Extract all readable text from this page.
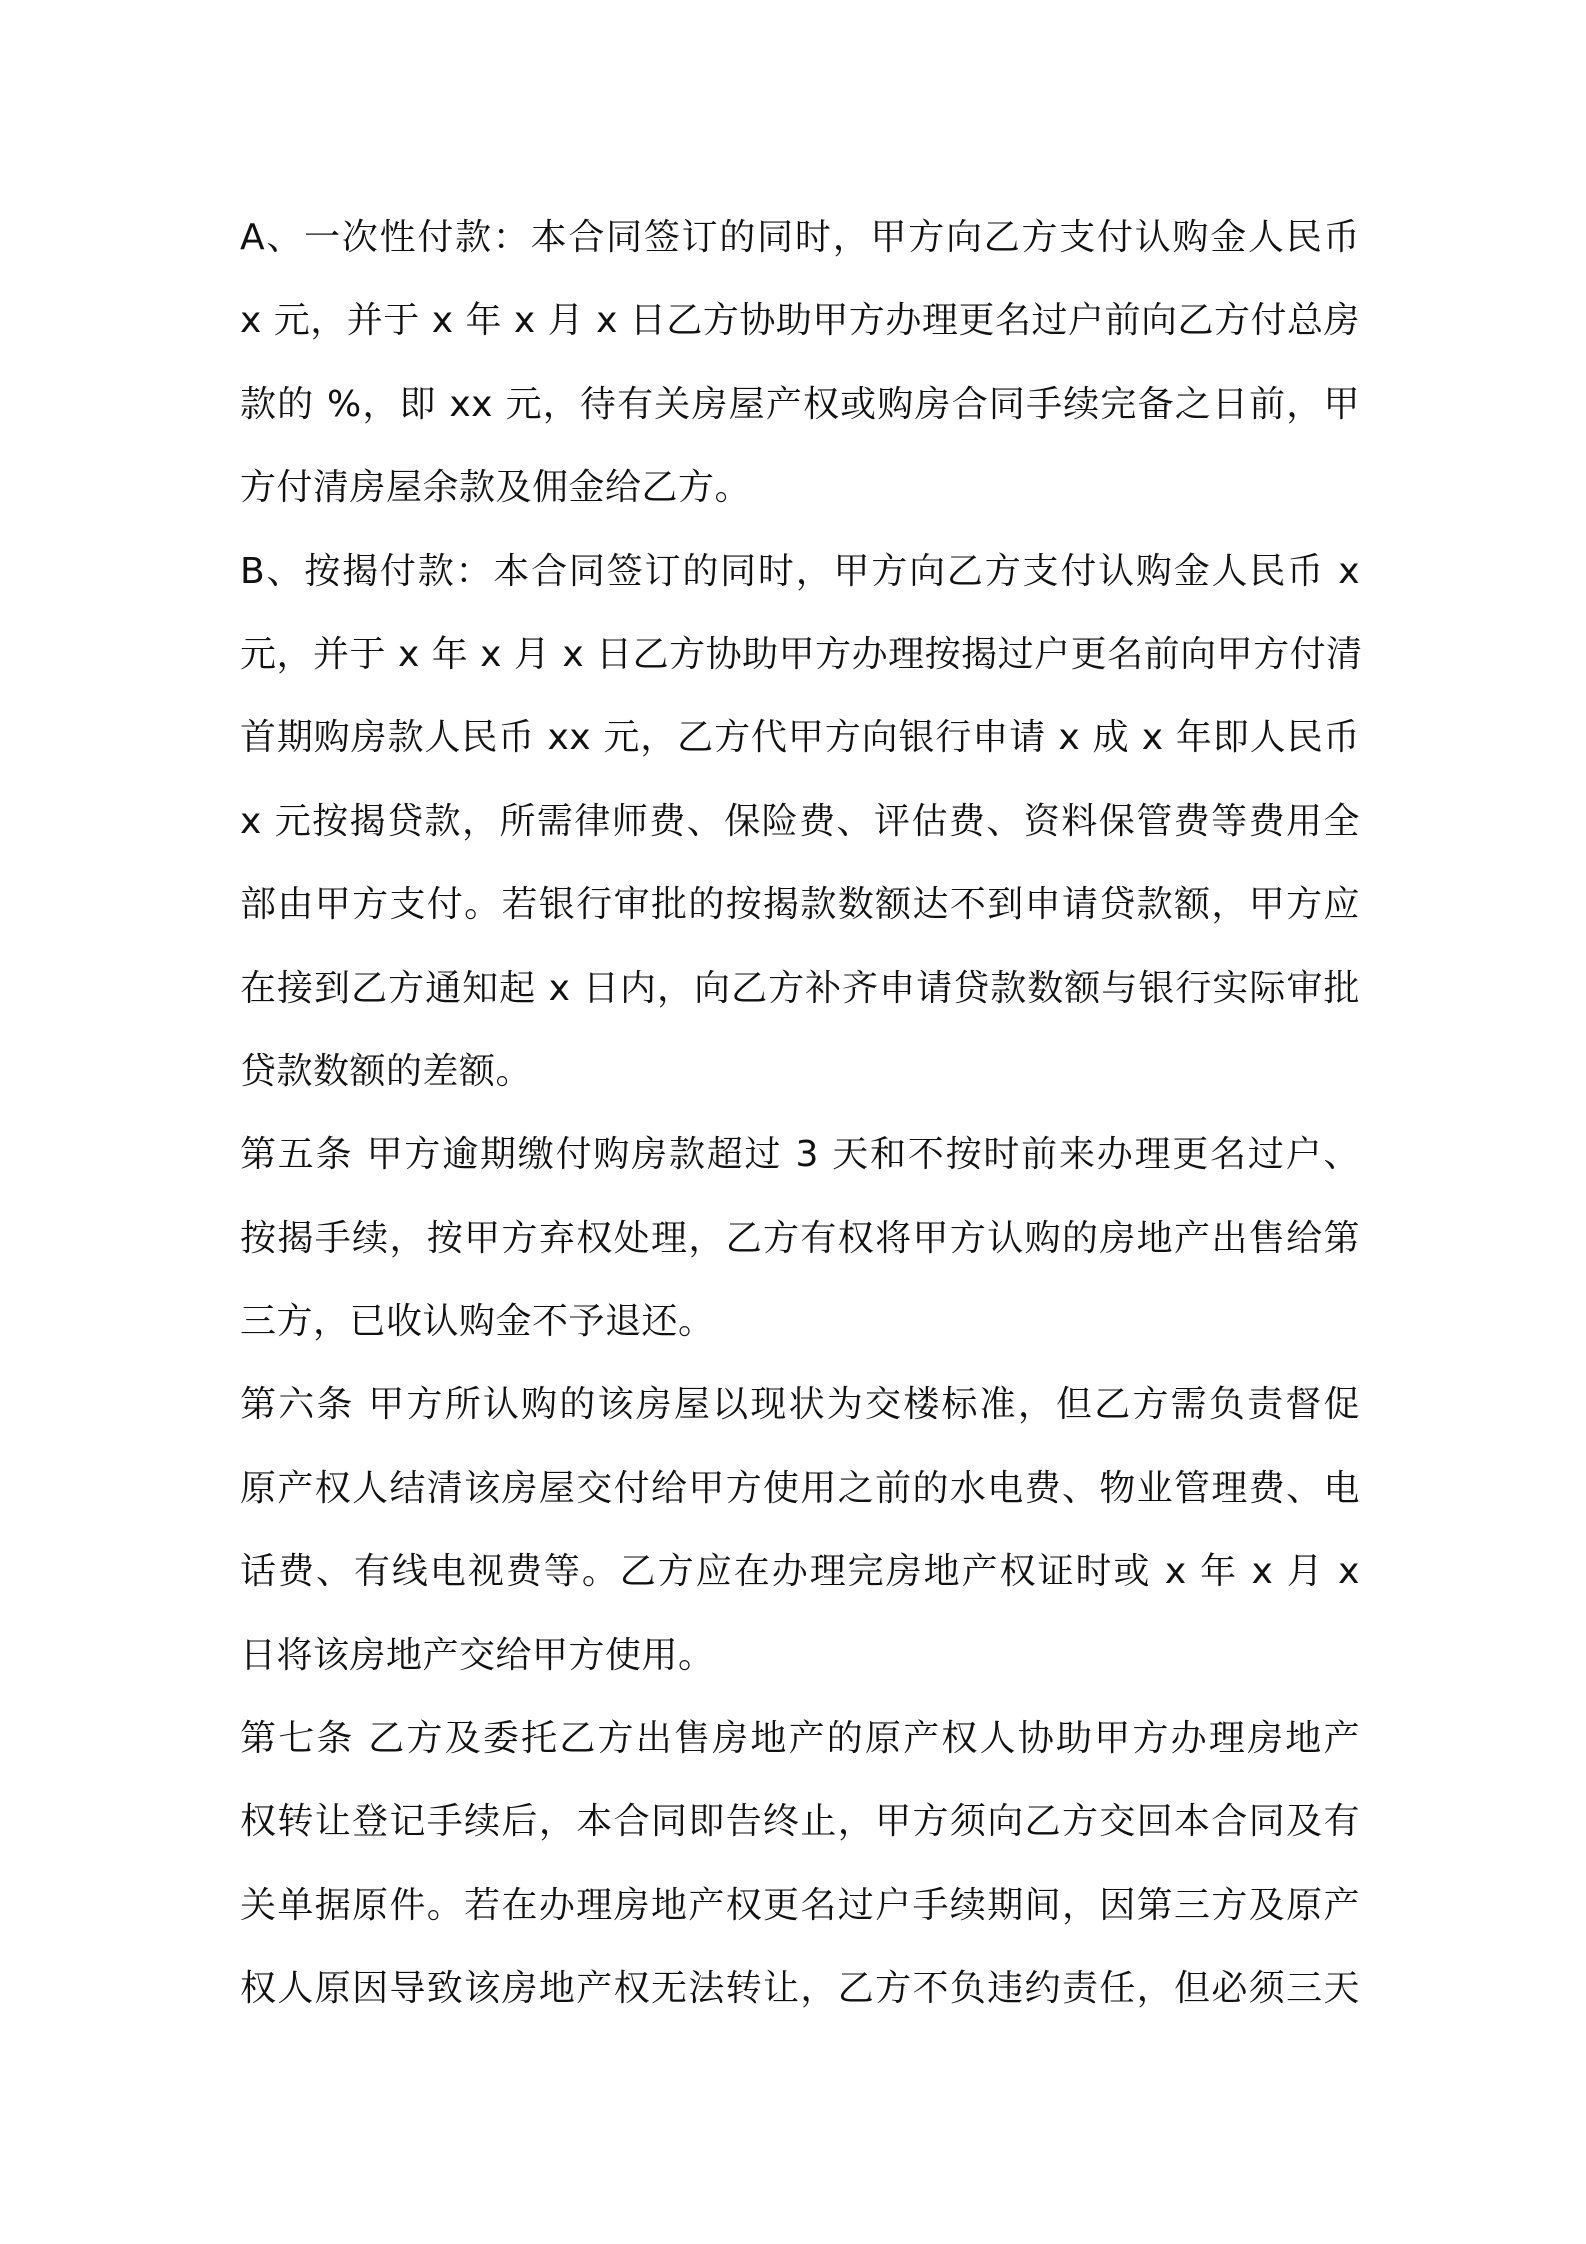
A、一次性付款：本合同签订的同时，甲方向乙方支付认购金人民币
x 元，并于 x 年 x 月 x 日乙方协助甲方办理更名过户前向乙方付总房
款的 %，即 xx 元，待有关房屋产权或购房合同手续完备之日前，甲
方付清房屋余款及佣金给乙方。
B、按揭付款：本合同签订的同时，甲方向乙方支付认购金人民币 x
元，并于 x 年 x 月 x 日乙方协助甲方办理按揭过户更名前向甲方付清
首期购房款人民币 xx 元，乙方代甲方向银行申请 x 成 x 年即人民币
x 元按揭贷款，所需律师费、保险费、评估费、资料保管费等费用全
部由甲方支付。若银行审批的按揭款数额达不到申请贷款额，甲方应
在接到乙方通知起 x 日内，向乙方补齐申请贷款数额与银行实际审批
贷款数额的差额。
第五条 甲方逾期缴付购房款超过 3 天和不按时前来办理更名过户、
按揭手续，按甲方弃权处理，乙方有权将甲方认购的房地产出售给第
三方，已收认购金不予退还。
第六条 甲方所认购的该房屋以现状为交楼标准，但乙方需负责督促
原产权人结清该房屋交付给甲方使用之前的水电费、物业管理费、电
话费、有线电视费等。乙方应在办理完房地产权证时或 x 年 x 月 x
日将该房地产交给甲方使用。
第七条 乙方及委托乙方出售房地产的原产权人协助甲方办理房地产
权转让登记手续后，本合同即告终止，甲方须向乙方交回本合同及有
关单据原件。若在办理房地产权更名过户手续期间，因第三方及原产
权人原因导致该房地产权无法转让，乙方不负违约责任，但必须三天
